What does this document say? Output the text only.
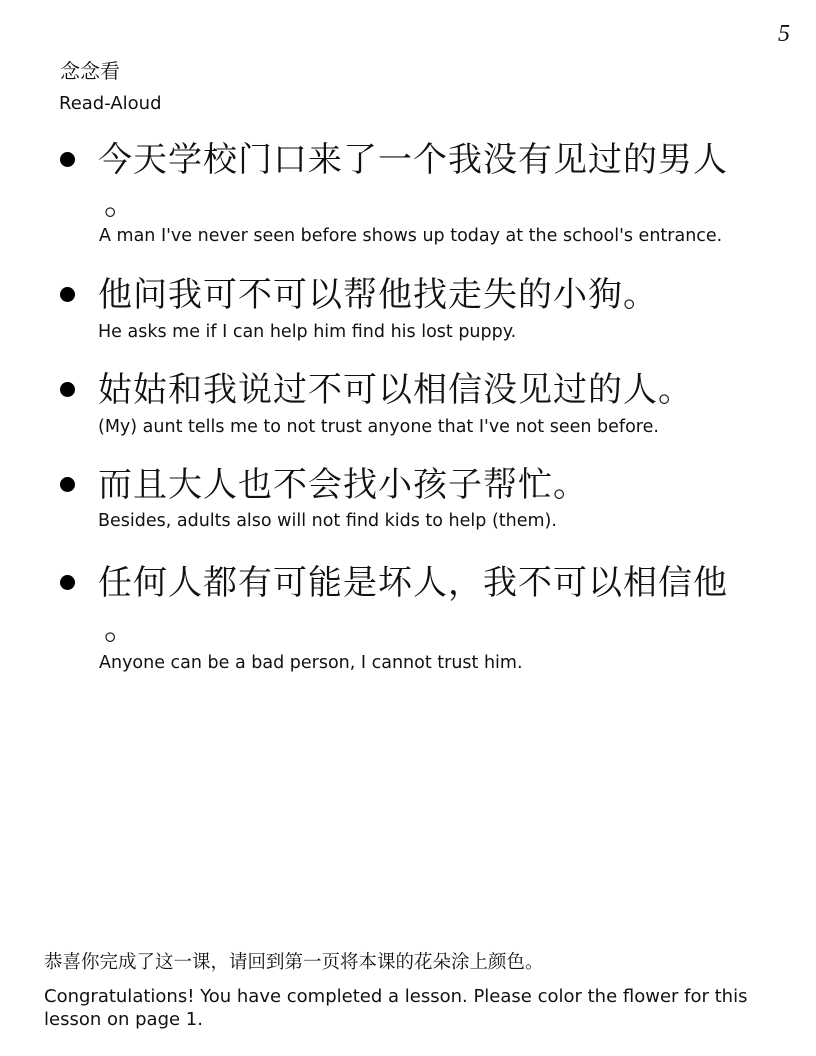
5
念念看
Read-Aloud
今天学校门口来了一个我没有见过的男人
。
A man I've never seen before shows up today at the school's entrance.
他问我可不可以帮他找走失的小狗。
He asks me if I can help him find his lost puppy.
姑姑和我说过不可以相信没见过的人。
(My) aunt tells me to not trust anyone that I've not seen before.
而且大人也不会找小孩子帮忙。
Besides, adults also will not find kids to help (them).
任何人都有可能是坏人，我不可以相信他
。
Anyone can be a bad person, I cannot trust him.
恭喜你完成了这一课，请回到第一页将本课的花朵涂上颜色。
Congratulations! You have completed a lesson. Please color the flower for this lesson on page 1.
